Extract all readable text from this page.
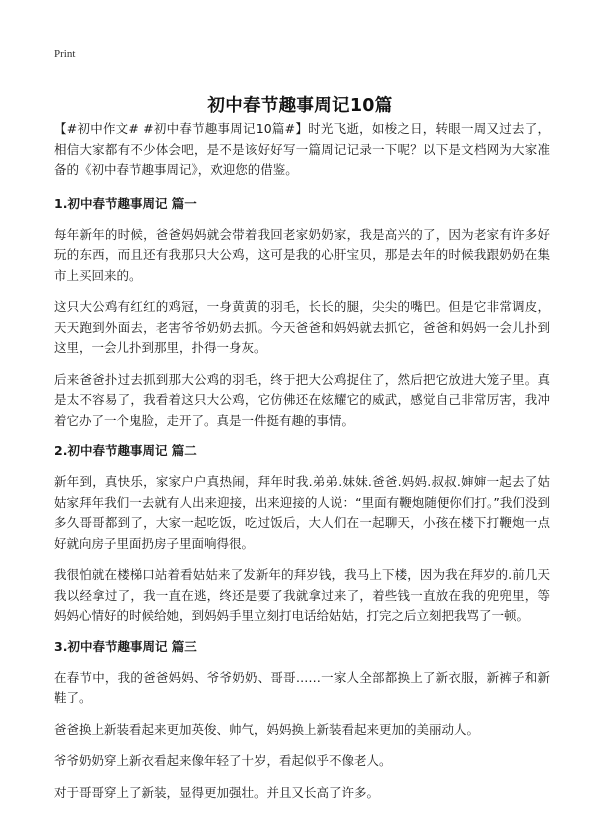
Print
初中春节趣事周记10篇

【#初中作文# #初中春节趣事周记10篇#】时光飞逝，如梭之日，转眼一周又过去了，相信大家都有不少体会吧，是不是该好好写一篇周记记录一下呢？以下是文档网为大家准备的《初中春节趣事周记》，欢迎您的借鉴。

1.初中春节趣事周记 篇一

每年新年的时候，爸爸妈妈就会带着我回老家奶奶家，我是高兴的了，因为老家有许多好玩的东西，而且还有我那只大公鸡，这可是我的心肝宝贝，那是去年的时候我跟奶奶在集市上买回来的。

这只大公鸡有红红的鸡冠，一身黄黄的羽毛，长长的腿，尖尖的嘴巴。但是它非常调皮，天天跑到外面去，老害爷爷奶奶去抓。今天爸爸和妈妈就去抓它，爸爸和妈妈一会儿扑到这里，一会儿扑到那里，扑得一身灰。

后来爸爸扑过去抓到那大公鸡的羽毛，终于把大公鸡捉住了，然后把它放进大笼子里。真是太不容易了，我看着这只大公鸡，它仿佛还在炫耀它的威武，感觉自己非常厉害，我冲着它办了一个鬼脸，走开了。真是一件挺有趣的事情。

2.初中春节趣事周记 篇二

新年到，真快乐，家家户户真热闹，拜年时我.弟弟.妹妹.爸爸.妈妈.叔叔.婶婶一起去了姑姑家拜年我们一去就有人出来迎接，出来迎接的人说：“里面有鞭炮随便你们打。”我们没到多久哥哥都到了，大家一起吃饭，吃过饭后，大人们在一起聊天，小孩在楼下打鞭炮一点好就向房子里面扔房子里面响得很。

我很怕就在楼梯口站着看姑姑来了发新年的拜岁钱，我马上下楼，因为我在拜岁的.前几天我以经拿过了，我一直在逃，终还是要了我就拿过来了，着些钱一直放在我的兜兜里，等妈妈心情好的时候给她，到妈妈手里立刻打电话给姑姑，打完之后立刻把我骂了一顿。

3.初中春节趣事周记 篇三

在春节中，我的爸爸妈妈、爷爷奶奶、哥哥……一家人全部都换上了新衣服，新裤子和新鞋了。

爸爸换上新装看起来更加英俊、帅气，妈妈换上新装看起来更加的美丽动人。

爷爷奶奶穿上新衣看起来像年轻了十岁，看起似乎不像老人。

对于哥哥穿上了新装，显得更加强壮。并且又长高了许多。
